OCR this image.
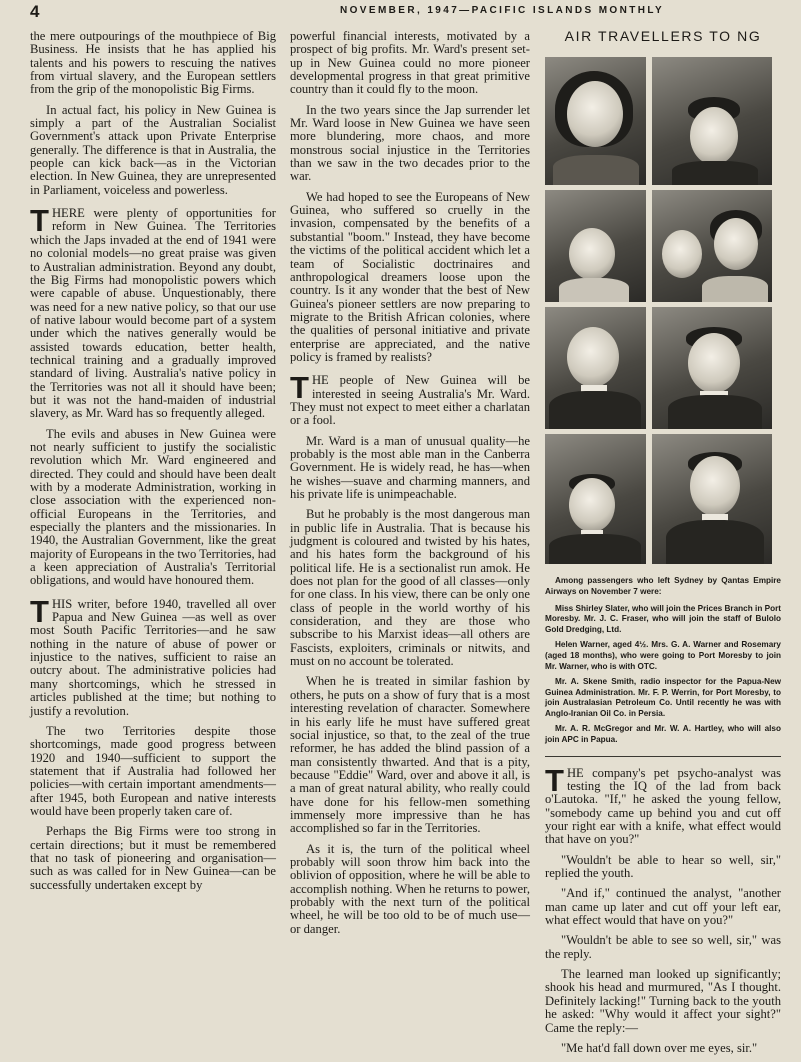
4	NOVEMBER, 1947—PACIFIC ISLANDS MONTHLY

the mere outpourings of the mouthpiece of Big Business. He insists that he has applied his talents and his powers to rescuing the natives from virtual slavery, and the European settlers from the grip of the monopolistic Big Firms.

In actual fact, his policy in New Guinea is simply a part of the Australian Socialist Government's attack upon Private Enterprise generally. The difference is that in Australia, the people can kick back—as in the Victorian election. In New Guinea, they are unrepresented in Parliament, voiceless and powerless.

THERE were plenty of opportunities for reform in New Guinea. The Territories which the Japs invaded at the end of 1941 were no colonial models—no great praise was given to Australian administration. Beyond any doubt, the Big Firms had monopolistic powers which were capable of abuse. Unquestionably, there was need for a new native policy, so that our use of native labour would become part of a system under which the natives generally would be assisted towards education, better health, technical training and a gradually improved standard of living. Australia's native policy in the Territories was not all it should have been; but it was not the hand-maiden of industrial slavery, as Mr. Ward has so frequently alleged.

The evils and abuses in New Guinea were not nearly sufficient to justify the socialistic revolution which Mr. Ward engineered and directed. They could and should have been dealt with by a moderate Administration, working in close association with the experienced non-official Europeans in the Territories, and especially the planters and the missionaries. In 1940, the Australian Government, like the great majority of Europeans in the two Territories, had a keen appreciation of Australia's Territorial obligations, and would have honoured them.

THIS writer, before 1940, travelled all over Papua and New Guinea —as well as over most South Pacific Territories—and he saw nothing in the nature of abuse of power or injustice to the natives, sufficient to raise an outcry about. The administrative policies had many shortcomings, which he stressed in articles published at the time; but nothing to justify a revolution.

The two Territories despite those shortcomings, made good progress between 1920 and 1940—sufficient to support the statement that if Australia had followed her policies—with certain important amendments—after 1945, both European and native interests would have been properly taken care of.

Perhaps the Big Firms were too strong in certain directions; but it must be remembered that no task of pioneering and organisation—such as was called for in New Guinea—can be successfully undertaken except by

powerful financial interests, motivated by a prospect of big profits. Mr. Ward's present set-up in New Guinea could no more pioneer developmental progress in that great primitive country than it could fly to the moon.

In the two years since the Jap surrender let Mr. Ward loose in New Guinea we have seen more blundering, more chaos, and more monstrous social injustice in the Territories than we saw in the two decades prior to the war.

We had hoped to see the Europeans of New Guinea, who suffered so cruelly in the invasion, compensated by the benefits of a substantial "boom." Instead, they have become the victims of the political accident which let a team of Socialistic doctrinaires and anthropological dreamers loose upon the country. Is it any wonder that the best of New Guinea's pioneer settlers are now preparing to migrate to the British African colonies, where the qualities of personal initiative and private enterprise are appreciated, and the native policy is framed by realists?

THE people of New Guinea will be interested in seeing Australia's Mr. Ward. They must not expect to meet either a charlatan or a fool.

Mr. Ward is a man of unusual quality—he probably is the most able man in the Canberra Government. He is widely read, he has—when he wishes—suave and charming manners, and his private life is unimpeachable.

But he probably is the most dangerous man in public life in Australia. That is because his judgment is coloured and twisted by his hates, and his hates form the background of his political life. He is a sectionalist run amok. He does not plan for the good of all classes—only for one class. In his view, there can be only one class of people in the world worthy of his consideration, and they are those who subscribe to his Marxist ideas—all others are Fascists, exploiters, criminals or nitwits, and must on no account be tolerated.

When he is treated in similar fashion by others, he puts on a show of fury that is a most interesting revelation of character. Somewhere in his early life he must have suffered great social injustice, so that, to the zeal of the true reformer, he has added the blind passion of a man consistently thwarted. And that is a pity, because "Eddie" Ward, over and above it all, is a man of great natural ability, who really could have done for his fellow-men something immensely more impressive than he has accomplished so far in the Territories.

As it is, the turn of the political wheel probably will soon throw him back into the oblivion of opposition, where he will be able to accomplish nothing. When he returns to power, probably with the next turn of the political wheel, he will be too old to be of much use—or danger.

AIR TRAVELLERS TO NG

Among passengers who left Sydney by Qantas Empire Airways on November 7 were:

Miss Shirley Slater, who will join the Prices Branch in Port Moresby. Mr. J. C. Fraser, who will join the staff of Bulolo Gold Dredging, Ltd.

Helen Warner, aged 4½. Mrs. G. A. Warner and Rosemary (aged 18 months), who were going to Port Moresby to join Mr. Warner, who is with OTC.

Mr. A. Skene Smith, radio inspector for the Papua-New Guinea Administration. Mr. F. P. Werrin, for Port Moresby, to join Australasian Petroleum Co. Until recently he was with Anglo-Iranian Oil Co. in Persia.

Mr. A. R. McGregor and Mr. W. A. Hartley, who will also join APC in Papua.

THE company's pet psycho-analyst was testing the IQ of the lad from back o'Lautoka. "If," he asked the young fellow, "somebody came up behind you and cut off your right ear with a knife, what effect would that have on you?"

"Wouldn't be able to hear so well, sir," replied the youth.

"And if," continued the analyst, "another man came up later and cut off your left ear, what effect would that have on you?"

"Wouldn't be able to see so well, sir," was the reply.

The learned man looked up significantly; shook his head and murmured, "As I thought. Definitely lacking!" Turning back to the youth he asked: "Why would it affect your sight?" Came the reply:—

"Me hat'd fall down over me eyes, sir."
